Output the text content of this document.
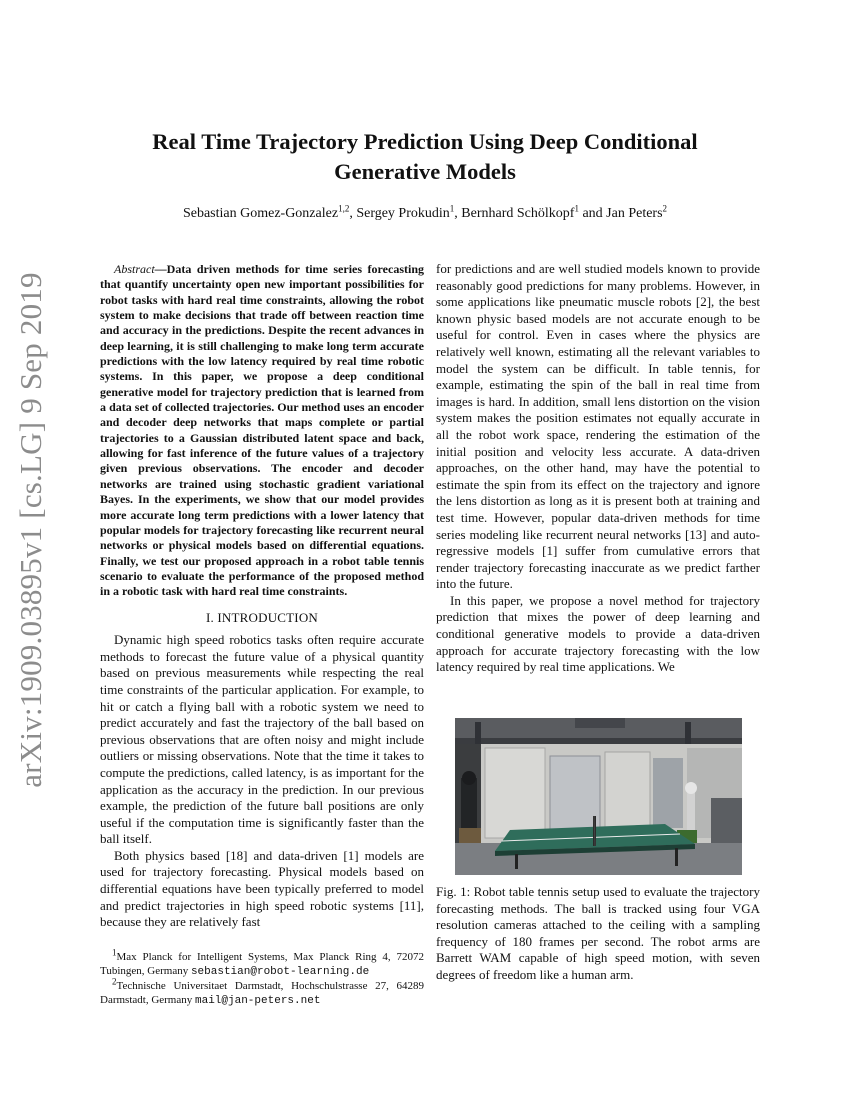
arXiv:1909.03895v1 [cs.LG] 9 Sep 2019
Real Time Trajectory Prediction Using Deep Conditional Generative Models
Sebastian Gomez-Gonzalez$^{1,2}$, Sergey Prokudin$^1$, Bernhard Schölkopf$^1$ and Jan Peters$^2$

Abstract—Data driven methods for time series forecasting that quantify uncertainty open new important possibilities for robot tasks with hard real time constraints, allowing the robot system to make decisions that trade off between reaction time and accuracy in the predictions. Despite the recent advances in deep learning, it is still challenging to make long term accurate predictions with the low latency required by real time robotic systems. In this paper, we propose a deep conditional generative model for trajectory prediction that is learned from a data set of collected trajectories. Our method uses an encoder and decoder deep networks that maps complete or partial trajectories to a Gaussian distributed latent space and back, allowing for fast inference of the future values of a trajectory given previous observations. The encoder and decoder networks are trained using stochastic gradient variational Bayes. In the experiments, we show that our model provides more accurate long term predictions with a lower latency that popular models for trajectory forecasting like recurrent neural networks or physical models based on differential equations. Finally, we test our proposed approach in a robot table tennis scenario to evaluate the performance of the proposed method in a robotic task with hard real time constraints.

I. INTRODUCTION

Dynamic high speed robotics tasks often require accurate methods to forecast the future value of a physical quantity based on previous measurements while respecting the real time constraints of the particular application. For example, to hit or catch a flying ball with a robotic system we need to predict accurately and fast the trajectory of the ball based on previous observations that are often noisy and might include outliers or missing observations. Note that the time it takes to compute the predictions, called latency, is as important for the application as the accuracy in the prediction. In our previous example, the prediction of the future ball positions are only useful if the computation time is significantly faster than the ball itself.

Both physics based [18] and data-driven [1] models are used for trajectory forecasting. Physical models based on differential equations have been typically preferred to model and predict trajectories in high speed robotic systems [11], because they are relatively fast

$^1$Max Planck for Intelligent Systems, Max Planck Ring 4, 72072 Tubingen, Germany sebastian@robot-learning.de

$^2$Technische Universitaet Darmstadt, Hochschulstrasse 27, 64289 Darmstadt, Germany mail@jan-peters.net

for predictions and are well studied models known to provide reasonably good predictions for many problems. However, in some applications like pneumatic muscle robots [2], the best known physic based models are not accurate enough to be useful for control. Even in cases where the physics are relatively well known, estimating all the relevant variables to model the system can be difficult. In table tennis, for example, estimating the spin of the ball in real time from images is hard. In addition, small lens distortion on the vision system makes the position estimates not equally accurate in all the robot work space, rendering the estimation of the initial position and velocity less accurate. A data-driven approaches, on the other hand, may have the potential to estimate the spin from its effect on the trajectory and ignore the lens distortion as long as it is present both at training and test time. However, popular data-driven methods for time series modeling like recurrent neural networks [13] and auto-regressive models [1] suffer from cumulative errors that render trajectory forecasting inaccurate as we predict farther into the future.

In this paper, we propose a novel method for trajectory prediction that mixes the power of deep learning and conditional generative models to provide a data-driven approach for accurate trajectory forecasting with the low latency required by real time applications. We

Fig. 1: Robot table tennis setup used to evaluate the trajectory forecasting methods. The ball is tracked using four VGA resolution cameras attached to the ceiling with a sampling frequency of 180 frames per second. The robot arms are Barrett WAM capable of high speed motion, with seven degrees of freedom like a human arm.
